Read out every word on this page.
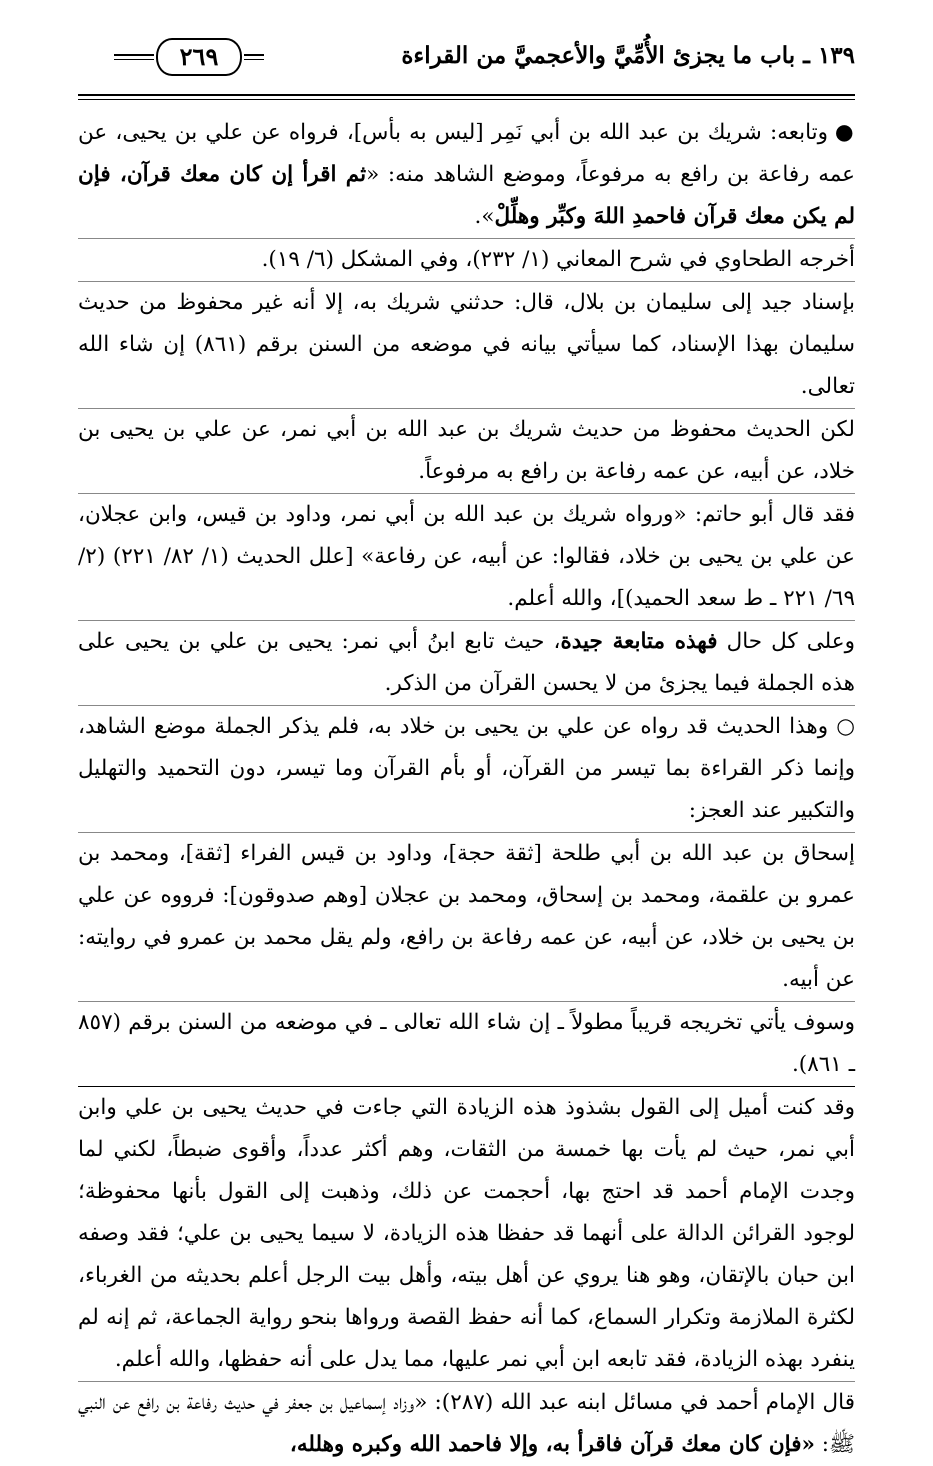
١٣٩ ـ باب ما يجزئ الأُمِّيَّ والأعجميَّ من القراءة
٢٦٩

● وتابعه: شريك بن عبد الله بن أبي نَمِر [ليس به بأس]، فرواه عن علي بن يحيى، عن عمه رفاعة بن رافع به مرفوعاً، وموضع الشاهد منه: «ثم اقرأ إن كان معك قرآن، فإن لم يكن معك قرآن فاحمدِ اللهَ وكبِّر وهلِّلْ».

أخرجه الطحاوي في شرح المعاني (١/ ٢٣٢)، وفي المشكل (٦/ ١٩).

بإسناد جيد إلى سليمان بن بلال، قال: حدثني شريك به، إلا أنه غير محفوظ من حديث سليمان بهذا الإسناد، كما سيأتي بيانه في موضعه من السنن برقم (٨٦١) إن شاء الله تعالى.

لكن الحديث محفوظ من حديث شريك بن عبد الله بن أبي نمر، عن علي بن يحيى بن خلاد، عن أبيه، عن عمه رفاعة بن رافع به مرفوعاً.

فقد قال أبو حاتم: «ورواه شريك بن عبد الله بن أبي نمر، وداود بن قيس، وابن عجلان، عن علي بن يحيى بن خلاد، فقالوا: عن أبيه، عن رفاعة» [علل الحديث (١/ ٨٢/ ٢٢١) (٢/ ٦٩/ ٢٢١ ـ ط سعد الحميد)]، والله أعلم.

وعلى كل حال فهذه متابعة جيدة، حيث تابع ابنُ أبي نمر: يحيى بن علي بن يحيى على هذه الجملة فيما يجزئ من لا يحسن القرآن من الذكر.

○ وهذا الحديث قد رواه عن علي بن يحيى بن خلاد به، فلم يذكر الجملة موضع الشاهد، وإنما ذكر القراءة بما تيسر من القرآن، أو بأم القرآن وما تيسر، دون التحميد والتهليل والتكبير عند العجز:

إسحاق بن عبد الله بن أبي طلحة [ثقة حجة]، وداود بن قيس الفراء [ثقة]، ومحمد بن عمرو بن علقمة، ومحمد بن إسحاق، ومحمد بن عجلان [وهم صدوقون]: فرووه عن علي بن يحيى بن خلاد، عن أبيه، عن عمه رفاعة بن رافع، ولم يقل محمد بن عمرو في روايته: عن أبيه.

وسوف يأتي تخريجه قريباً مطولاً ـ إن شاء الله تعالى ـ في موضعه من السنن برقم (٨٥٧ ـ ٨٦١).

وقد كنت أميل إلى القول بشذوذ هذه الزيادة التي جاءت في حديث يحيى بن علي وابن أبي نمر، حيث لم يأت بها خمسة من الثقات، وهم أكثر عدداً، وأقوى ضبطاً، لكني لما وجدت الإمام أحمد قد احتج بها، أحجمت عن ذلك، وذهبت إلى القول بأنها محفوظة؛ لوجود القرائن الدالة على أنهما قد حفظا هذه الزيادة، لا سيما يحيى بن علي؛ فقد وصفه ابن حبان بالإتقان، وهو هنا يروي عن أهل بيته، وأهل بيت الرجل أعلم بحديثه من الغرباء، لكثرة الملازمة وتكرار السماع، كما أنه حفظ القصة ورواها بنحو رواية الجماعة، ثم إنه لم ينفرد بهذه الزيادة، فقد تابعه ابن أبي نمر عليها، مما يدل على أنه حفظها، والله أعلم.

قال الإمام أحمد في مسائل ابنه عبد الله (٢٨٧): «وزاد إسماعيل بن جعفر في حديث رفاعة بن رافع عن النبي ﷺ: «فإن كان معك قرآن فاقرأ به، وإلا فاحمد الله وكبره وهلله،
